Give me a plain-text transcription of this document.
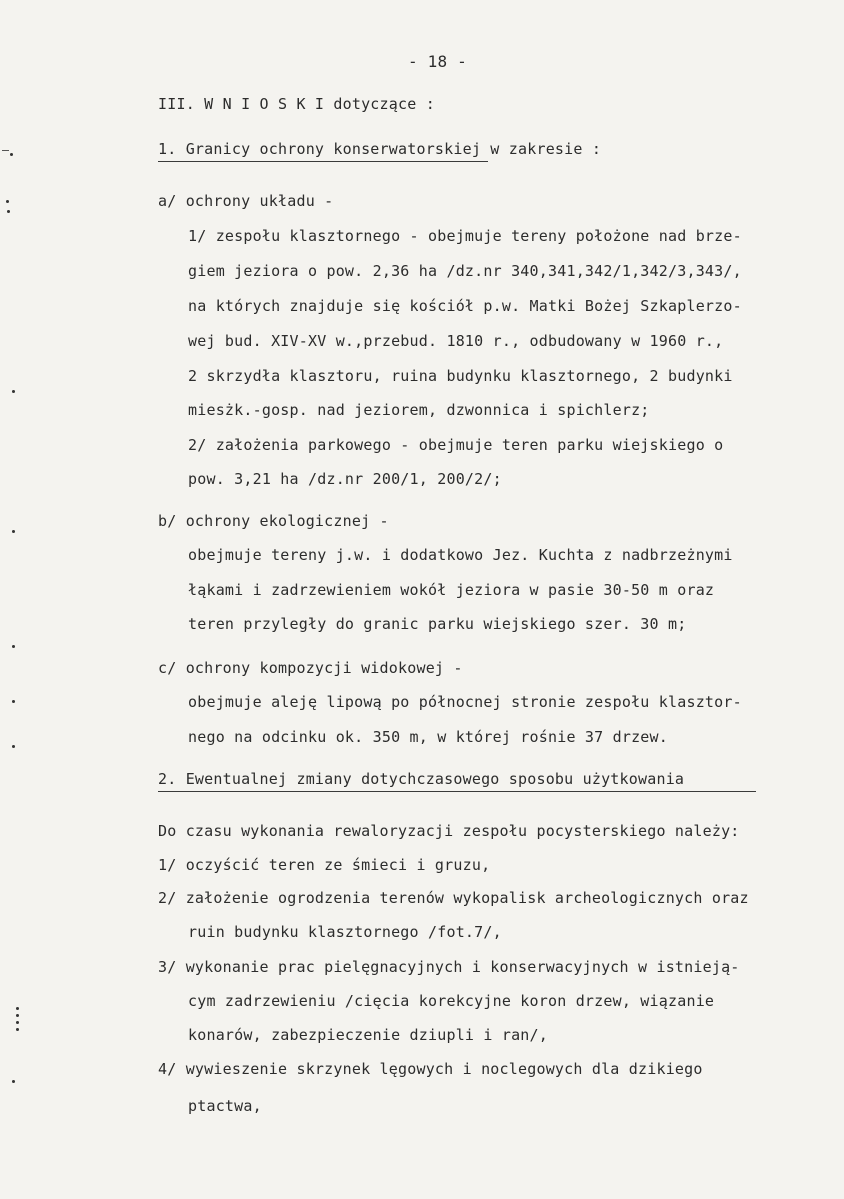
- 18 -
III. W N I O S K I dotyczące :
1. Granicy ochrony konserwatorskiej w zakresie :
a/ ochrony układu -
1/ zespołu klasztornego - obejmuje tereny położone nad brze-
giem jeziora o pow. 2,36 ha /dz.nr 340,341,342/1,342/3,343/,
na których znajduje się kościół p.w. Matki Bożej Szkaplerzo-
wej bud. XIV-XV w.,przebud. 1810 r., odbudowany w 1960 r.,
2 skrzydła klasztoru, ruina budynku klasztornego, 2 budynki
miesżk.-gosp. nad jeziorem, dzwonnica i spichlerz;
2/ założenia parkowego - obejmuje teren parku wiejskiego o
pow. 3,21 ha /dz.nr 200/1, 200/2/;
b/ ochrony ekologicznej -
obejmuje tereny j.w. i dodatkowo Jez. Kuchta z nadbrzeżnymi
łąkami i zadrzewieniem wokół jeziora w pasie 30-50 m oraz
teren przyległy do granic parku wiejskiego szer. 30 m;
c/ ochrony kompozycji widokowej -
obejmuje aleję lipową po północnej stronie zespołu klasztor-
nego na odcinku ok. 350 m, w której rośnie 37 drzew.
2. Ewentualnej zmiany dotychczasowego sposobu użytkowania
Do czasu wykonania rewaloryzacji zespołu pocysterskiego należy:
1/ oczyścić teren ze śmieci i gruzu,
2/ założenie ogrodzenia terenów wykopalisk archeologicznych oraz
ruin budynku klasztornego /fot.7/,
3/ wykonanie prac pielęgnacyjnych i konserwacyjnych w istnieją-
cym zadrzewieniu /cięcia korekcyjne koron drzew, wiązanie
konarów, zabezpieczenie dziupli i ran/,
4/ wywieszenie skrzynek lęgowych i noclegowych dla dzikiego
ptactwa,
